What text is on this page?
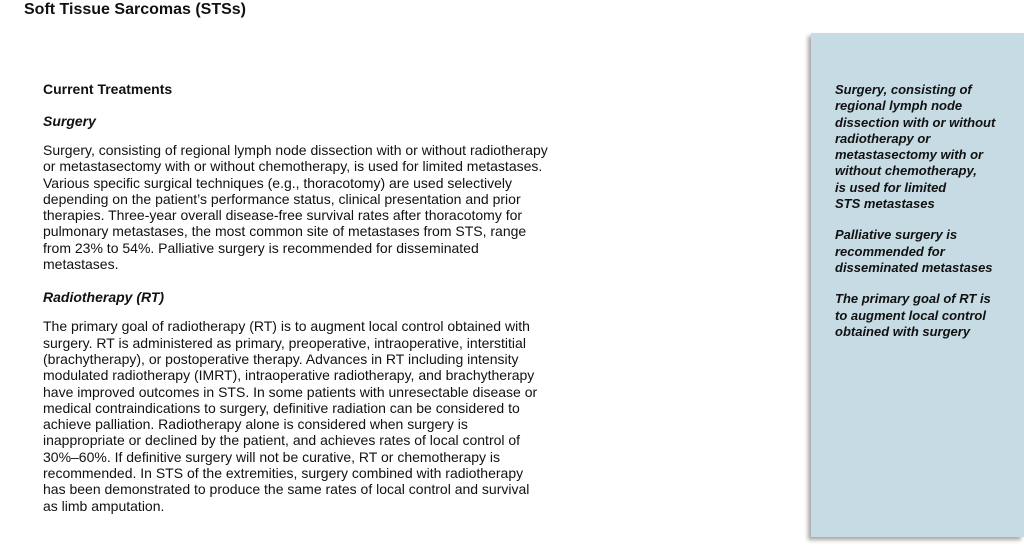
Soft Tissue Sarcomas (STSs)
Current Treatments
Surgery

Surgery, consisting of regional lymph node dissection with or without radiotherapy or metastasectomy with or without chemotherapy, is used for limited metastases. Various specific surgical techniques (e.g., thoracotomy) are used selectively depending on the patient’s performance status, clinical presentation and prior therapies. Three-year overall disease-free survival rates after thoracotomy for pulmonary metastases, the most common site of metastases from STS, range from 23% to 54%. Palliative surgery is recommended for disseminated metastases.

Radiotherapy (RT)

The primary goal of radiotherapy (RT) is to augment local control obtained with surgery. RT is administered as primary, preoperative, intraoperative, interstitial (brachytherapy), or postoperative therapy. Advances in RT including intensity modulated radiotherapy (IMRT), intraoperative radiotherapy, and brachytherapy have improved outcomes in STS. In some patients with unresectable disease or medical contraindications to surgery, definitive radiation can be considered to achieve palliation. Radiotherapy alone is considered when surgery is inappropriate or declined by the patient, and achieves rates of local control of 30%–60%. If definitive surgery will not be curative, RT or chemotherapy is recommended. In STS of the extremities, surgery combined with radiotherapy has been demonstrated to produce the same rates of local control and survival as limb amputation.

Surgery, consisting of
regional lymph node
dissection with or without
radiotherapy or
metastasectomy with or
without chemotherapy,
is used for limited
STS metastases

Palliative surgery is
recommended for
disseminated metastases

The primary goal of RT is
to augment local control
obtained with surgery
